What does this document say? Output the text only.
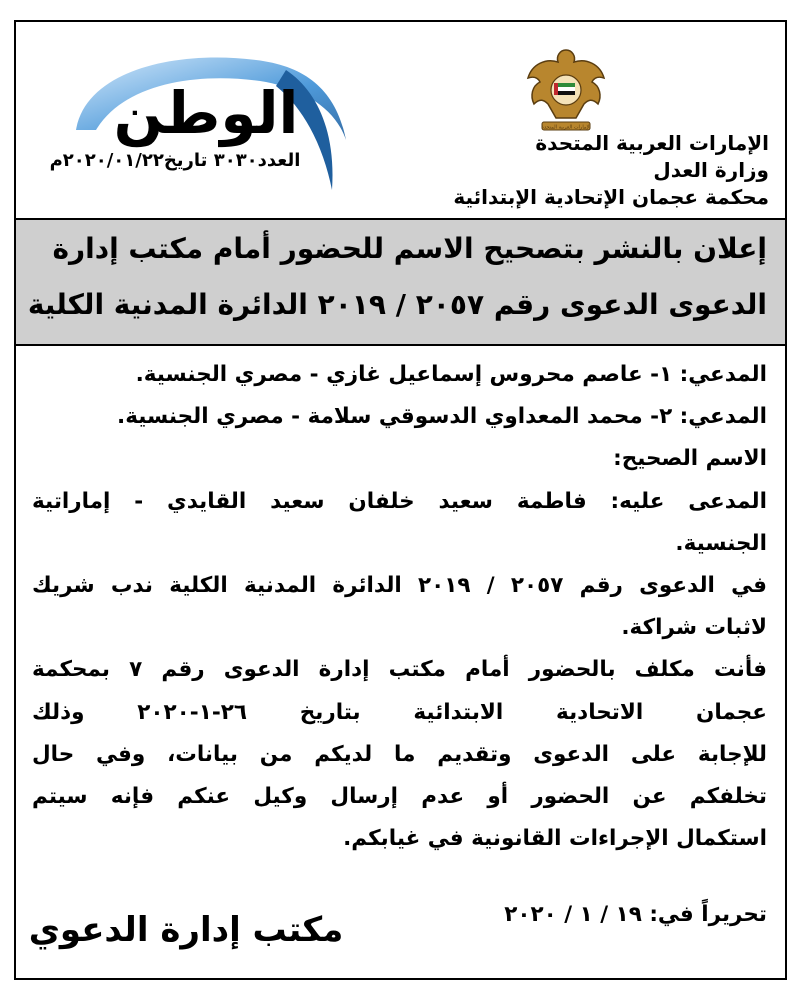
الإمارات العربية المتحدة
الإمارات العربية المتحدة
وزارة العدل
محكمة عجمان الإتحادية الإبتدائية
الوطن
العدد٣٠٣٠ تاريخ٢٠٢٠/٠١/٢٢م
إعلان بالنشر بتصحيح الاسم للحضور أمام مكتب إدارة
الدعوى الدعوى رقم ٢٠٥٧ / ٢٠١٩ الدائرة المدنية الكلية
المدعي: ١- عاصم محروس إسماعيل غازي - مصري الجنسية.
المدعي: ٢- محمد المعداوي الدسوقي سلامة - مصري الجنسية.
الاسم الصحيح:
المدعى عليه: فاطمة سعيد خلفان سعيد القايدي - إماراتية
الجنسية.
في الدعوى رقم ٢٠٥٧ / ٢٠١٩ الدائرة المدنية الكلية ندب شريك
لاثبات شراكة.
فأنت مكلف بالحضور أمام مكتب إدارة الدعوى رقم ٧ بمحكمة
عجمان الاتحادية الابتدائية بتاريخ ٢٦-١-٢٠٢٠ وذلك
للإجابة على الدعوى وتقديم ما لديكم من بيانات، وفي حال
تخلفكم عن الحضور أو عدم إرسال وكيل عنكم فإنه سيتم
استكمال الإجراءات القانونية في غيابكم.
تحريراً في: ١٩ / ١ / ٢٠٢٠
مكتب إدارة الدعوي
